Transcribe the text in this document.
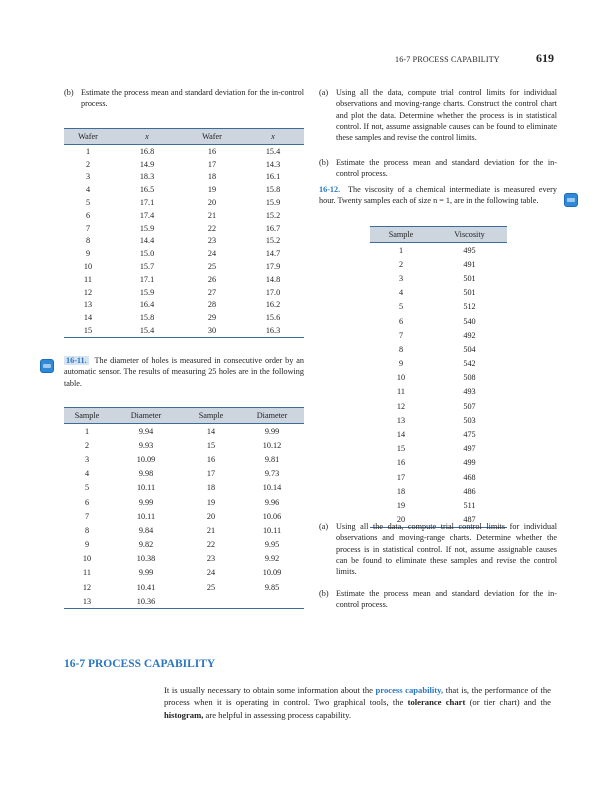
16-7 PROCESS CAPABILITY	619
(b) Estimate the process mean and standard deviation for the in-control process.
Wafer	x	Wafer	x
1	16.8	16	15.4
2	14.9	17	14.3
3	18.3	18	16.1
4	16.5	19	15.8
5	17.1	20	15.9
6	17.4	21	15.2
7	15.9	22	16.7
8	14.4	23	15.2
9	15.0	24	14.7
10	15.7	25	17.9
11	17.1	26	14.8
12	15.9	27	17.0
13	16.4	28	16.2
14	15.8	29	15.6
15	15.4	30	16.3
16-11. The diameter of holes is measured in consecutive order by an automatic sensor. The results of measuring 25 holes are in the following table.
Sample	Diameter	Sample	Diameter
1	9.94	14	9.99
2	9.93	15	10.12
3	10.09	16	9.81
4	9.98	17	9.73
5	10.11	18	10.14
6	9.99	19	9.96
7	10.11	20	10.06
8	9.84	21	10.11
9	9.82	22	9.95
10	10.38	23	9.92
11	9.99	24	10.09
12	10.41	25	9.85
13	10.36		
(a) Using all the data, compute trial control limits for individual observations and moving-range charts. Construct the control chart and plot the data. Determine whether the process is in statistical control. If not, assume assignable causes can be found to eliminate these samples and revise the control limits.
(b) Estimate the process mean and standard deviation for the in-control process.
16-12. The viscosity of a chemical intermediate is measured every hour. Twenty samples each of size n = 1, are in the following table.
Sample	Viscosity
1	495
2	491
3	501
4	501
5	512
6	540
7	492
8	504
9	542
10	508
11	493
12	507
13	503
14	475
15	497
16	499
17	468
18	486
19	511
20	487
(a) Using all the data, compute trial control limits for individual observations and moving-range charts. Determine whether the process is in statistical control. If not, assume assignable causes can be found to eliminate these samples and revise the control limits.
(b) Estimate the process mean and standard deviation for the in-control process.
16-7 PROCESS CAPABILITY
It is usually necessary to obtain some information about the process capability, that is, the performance of the process when it is operating in control. Two graphical tools, the tolerance chart (or tier chart) and the histogram, are helpful in assessing process capability.
